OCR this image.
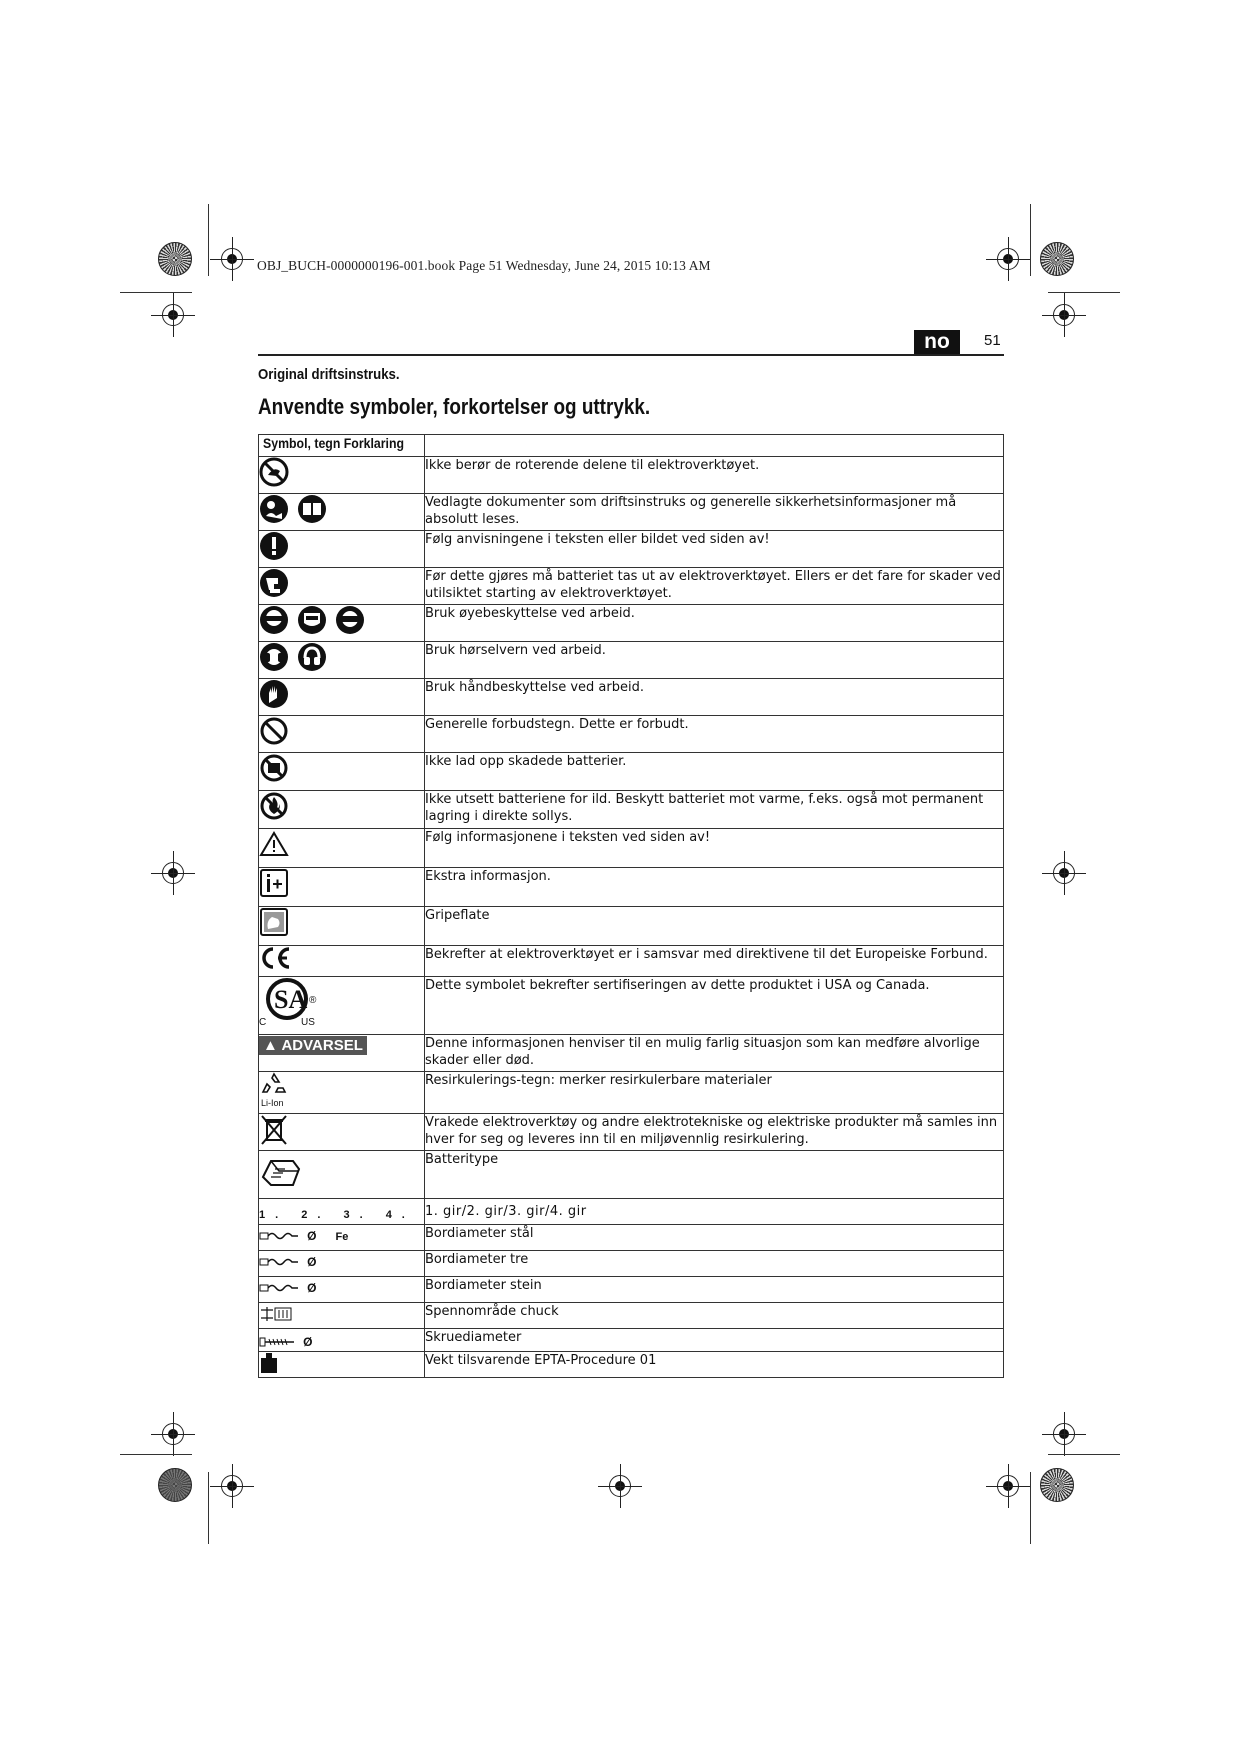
OBJ_BUCH-0000000196-001.book Page 51 Wednesday, June 24, 2015 10:13 AM
no	51
Original driftsinstruks.
Anvendte symboler, forkortelser og uttrykk.
Symbol, tegn Forklaring	

	Ikke berør de roterende delene til elektroverktøyet.

	Vedlagte dokumenter som driftsinstruks og generelle sikkerhetsinformasjoner må absolutt leses.

	Følg anvisningene i teksten eller bildet ved siden av!

	Før dette gjøres må batteriet tas ut av elektroverktøyet. Ellers er det fare for skader ved utilsiktet starting av elektroverktøyet.

	Bruk øyebeskyttelse ved arbeid.

	Bruk hørselvern ved arbeid.

	Bruk håndbeskyttelse ved arbeid.

	Generelle forbudstegn. Dette er forbudt.

	Ikke lad opp skadede batterier.

	Ikke utsett batteriene for ild. Beskytt batteriet mot varme, f.eks. også mot permanent lagring i direkte sollys.

	Følg informasjonene i teksten ved siden av!

	Ekstra informasjon.

	Gripeflate

	Bekrefter at elektroverktøyet er i samsvar med direktivene til det Europeiske Forbund.

SA
C US
®	Dette symbolet bekrefter sertifiseringen av dette produktet i USA og Canada.
▲ ADVARSEL	Denne informasjonen henviser til en mulig farlig situasjon som kan medføre alvorlige skader eller død.

Li-Ion	Resirkulerings-tegn: merker resirkulerbare materialer

	Vrakede elektroverktøy og andre elektrotekniske og elektriske produkter må samles inn hver for seg og leveres inn til en miljøvennlig resirkulering.

	Batteritype
1. 2. 3. 4.	1. gir/2. gir/3. gir/4. gir

Ø Fe	Bordiameter stål

Ø	Bordiameter tre

Ø	Bordiameter stein

	Spennområde chuck

Ø	Skruediameter

	Vekt tilsvarende EPTA-Procedure 01
